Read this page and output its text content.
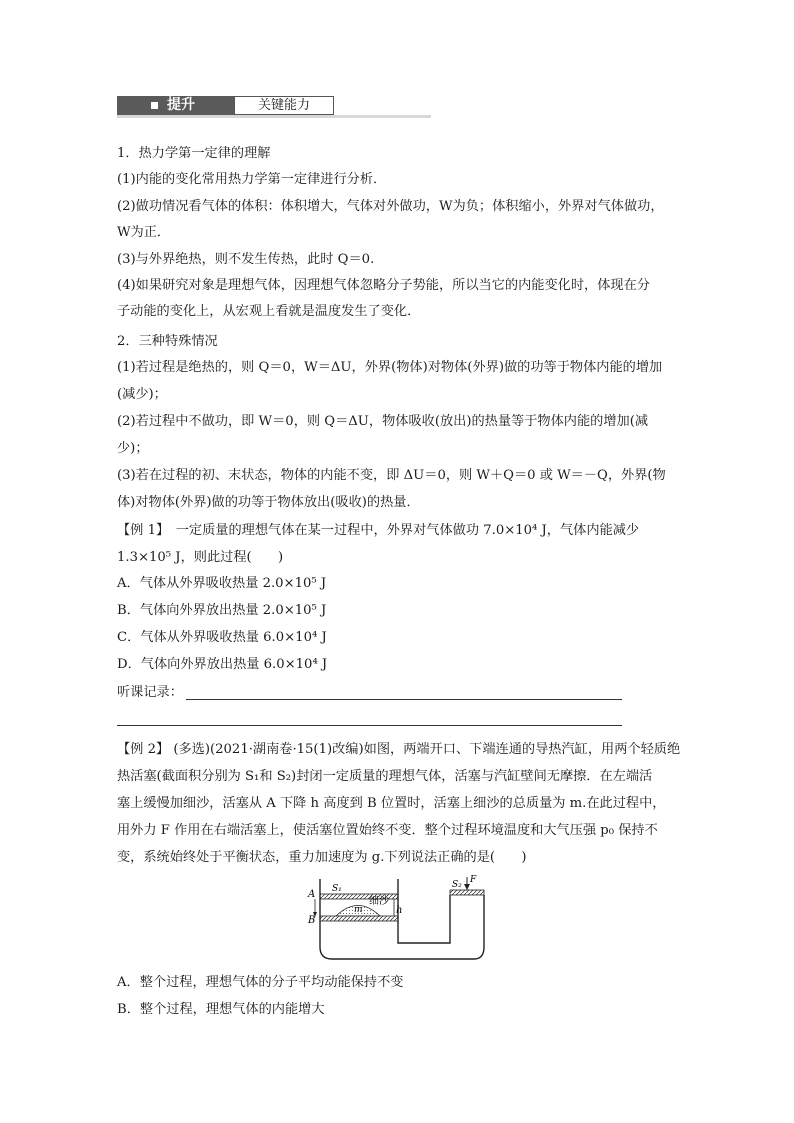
提升	关键能力
1．热力学第一定律的理解
(1)内能的变化常用热力学第一定律进行分析．
(2)做功情况看气体的体积：体积增大，气体对外做功，W为负；体积缩小，外界对气体做功，
W为正．
(3)与外界绝热，则不发生传热，此时 Q＝0.
(4)如果研究对象是理想气体，因理想气体忽略分子势能，所以当它的内能变化时，体现在分
子动能的变化上，从宏观上看就是温度发生了变化．
2．三种特殊情况
(1)若过程是绝热的，则 Q＝0，W＝ΔU，外界(物体)对物体(外界)做的功等于物体内能的增加
(减少)；
(2)若过程中不做功，即 W＝0，则 Q＝ΔU，物体吸收(放出)的热量等于物体内能的增加(减
少)；
(3)若在过程的初、末状态，物体的内能不变，即 ΔU＝0，则 W＋Q＝0 或 W＝－Q，外界(物
体)对物体(外界)做的功等于物体放出(吸收)的热量．
【例 1】　一定质量的理想气体在某一过程中，外界对气体做功 7.0×10⁴ J，气体内能减少
1.3×10⁵ J，则此过程(　　)
A．气体从外界吸收热量 2.0×10⁵ J
B．气体向外界放出热量 2.0×10⁵ J
C．气体从外界吸收热量 6.0×10⁴ J
D．气体向外界放出热量 6.0×10⁴ J
听课记录：
【例 2】 (多选)(2021·湖南卷·15(1)改编)如图，两端开口、下端连通的导热汽缸，用两个轻质绝
热活塞(截面积分别为 S₁和 S₂)封闭一定质量的理想气体，活塞与汽缸壁间无摩擦．在左端活
塞上缓慢加细沙，活塞从 A 下降 h 高度到 B 位置时，活塞上细沙的总质量为 m.在此过程中，
用外力 F 作用在右端活塞上，使活塞位置始终不变．整个过程环境温度和大气压强 p₀ 保持不
变，系统始终处于平衡状态，重力加速度为 g.下列说法正确的是(　　)
A
B
S₁	S₂ F
m
细沙
h
A．整个过程，理想气体的分子平均动能保持不变
B．整个过程，理想气体的内能增大
